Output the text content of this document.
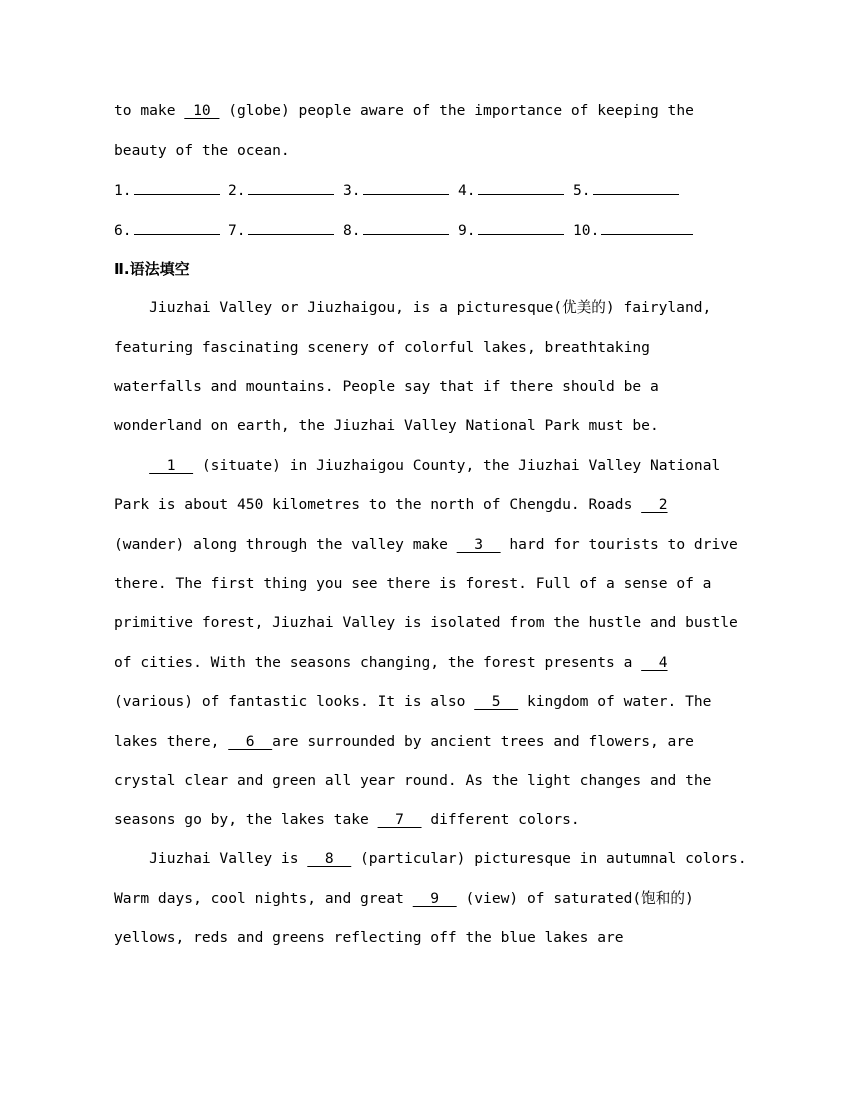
to make  10  (globe) people aware of the importance of keeping the
beauty of the ocean.
1.	2.	3.	4.	5.
6.	7.	8.	9.	10.
Ⅱ.语法填空
Jiuzhai Valley or Jiuzhaigou, is a picturesque(优美的) fairyland,
featuring fascinating scenery of colorful lakes, breathtaking
waterfalls and mountains. People say that if there should be a
wonderland on earth, the Jiuzhai Valley National Park must be.
1   (situate) in Jiuzhaigou County, the Jiuzhai Valley National
Park is about 450 kilometres to the north of Chengdu. Roads   2
(wander) along through the valley make   3   hard for tourists to drive
there. The first thing you see there is forest. Full of a sense of a
primitive forest, Jiuzhai Valley is isolated from the hustle and bustle
of cities. With the seasons changing, the forest presents a   4
(various) of fantastic looks. It is also   5   kingdom of water. The
lakes there,   6  are surrounded by ancient trees and flowers, are
crystal clear and green all year round. As the light changes and the
seasons go by, the lakes take   7   different colors.
Jiuzhai Valley is   8   (particular) picturesque in autumnal colors.
Warm days, cool nights, and great   9   (view) of saturated(饱和的)
yellows, reds and greens reflecting off the blue lakes are
